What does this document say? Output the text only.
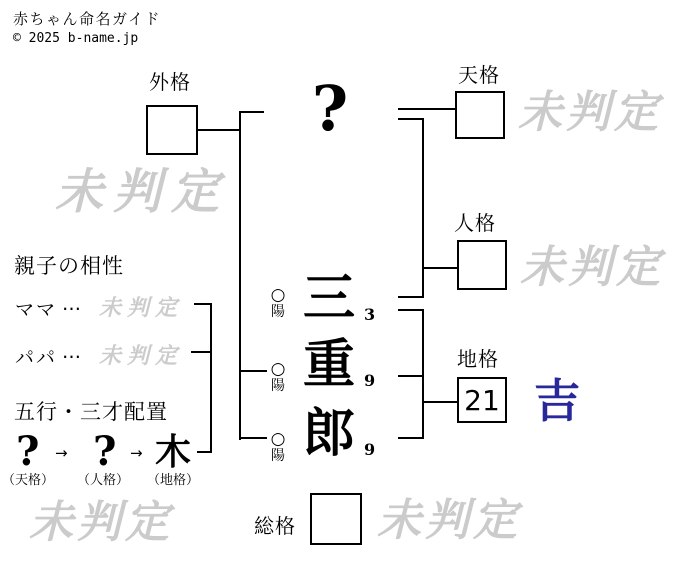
赤ちゃん命名ガイド
© 2025 b-name.jp
外格
未判定
天格
未判定
人格
未判定
地格
21 吉
総格 未判定
未判定
?
○
陽 三 3
○
陽 重 9
○
陽 郎 9
親子の相性
ママ … 未判定
パパ … 未判定
五行・三才配置
? → ? → 木
（天格） （人格） （地格）
